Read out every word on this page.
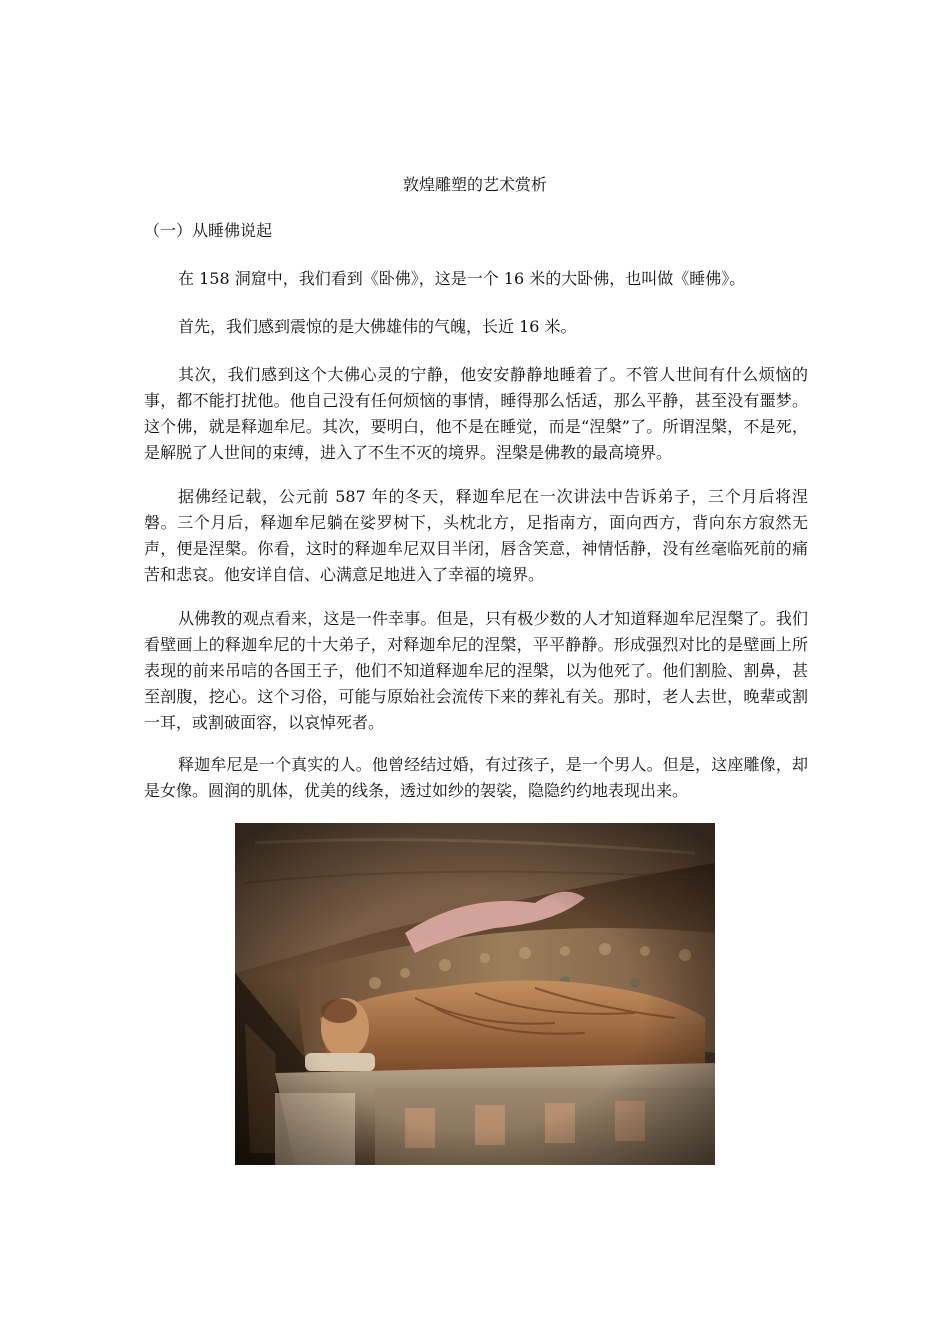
敦煌雕塑的艺术赏析
（一）从睡佛说起

在 158 洞窟中，我们看到《卧佛》，这是一个 16 米的大卧佛，也叫做《睡佛》。

首先，我们感到震惊的是大佛雄伟的气魄，长近 16 米。

其次，我们感到这个大佛心灵的宁静，他安安静静地睡着了。不管人世间有什么烦恼的事，都不能打扰他。他自己没有任何烦恼的事情，睡得那么恬适，那么平静，甚至没有噩梦。这个佛，就是释迦牟尼。其次，要明白，他不是在睡觉，而是“涅槃”了。所谓涅槃，不是死，是解脱了人世间的束缚，进入了不生不灭的境界。涅槃是佛教的最高境界。

据佛经记载，公元前 587 年的冬天，释迦牟尼在一次讲法中告诉弟子，三个月后将涅磐。三个月后，释迦牟尼躺在娑罗树下，头枕北方，足指南方，面向西方，背向东方寂然无声，便是涅槃。你看，这时的释迦牟尼双目半闭，唇含笑意，神情恬静，没有丝毫临死前的痛苦和悲哀。他安详自信、心满意足地进入了幸福的境界。

从佛教的观点看来，这是一件幸事。但是，只有极少数的人才知道释迦牟尼涅槃了。我们看壁画上的释迦牟尼的十大弟子，对释迦牟尼的涅槃，平平静静。形成强烈对比的是壁画上所表现的前来吊唁的各国王子，他们不知道释迦牟尼的涅槃，以为他死了。他们割脸、割鼻，甚至剖腹，挖心。这个习俗，可能与原始社会流传下来的葬礼有关。那时，老人去世，晚辈或割一耳，或割破面容，以哀悼死者。

释迦牟尼是一个真实的人。他曾经结过婚，有过孩子，是一个男人。但是，这座雕像，却是女像。圆润的肌体，优美的线条，透过如纱的袈裟，隐隐约约地表现出来。
